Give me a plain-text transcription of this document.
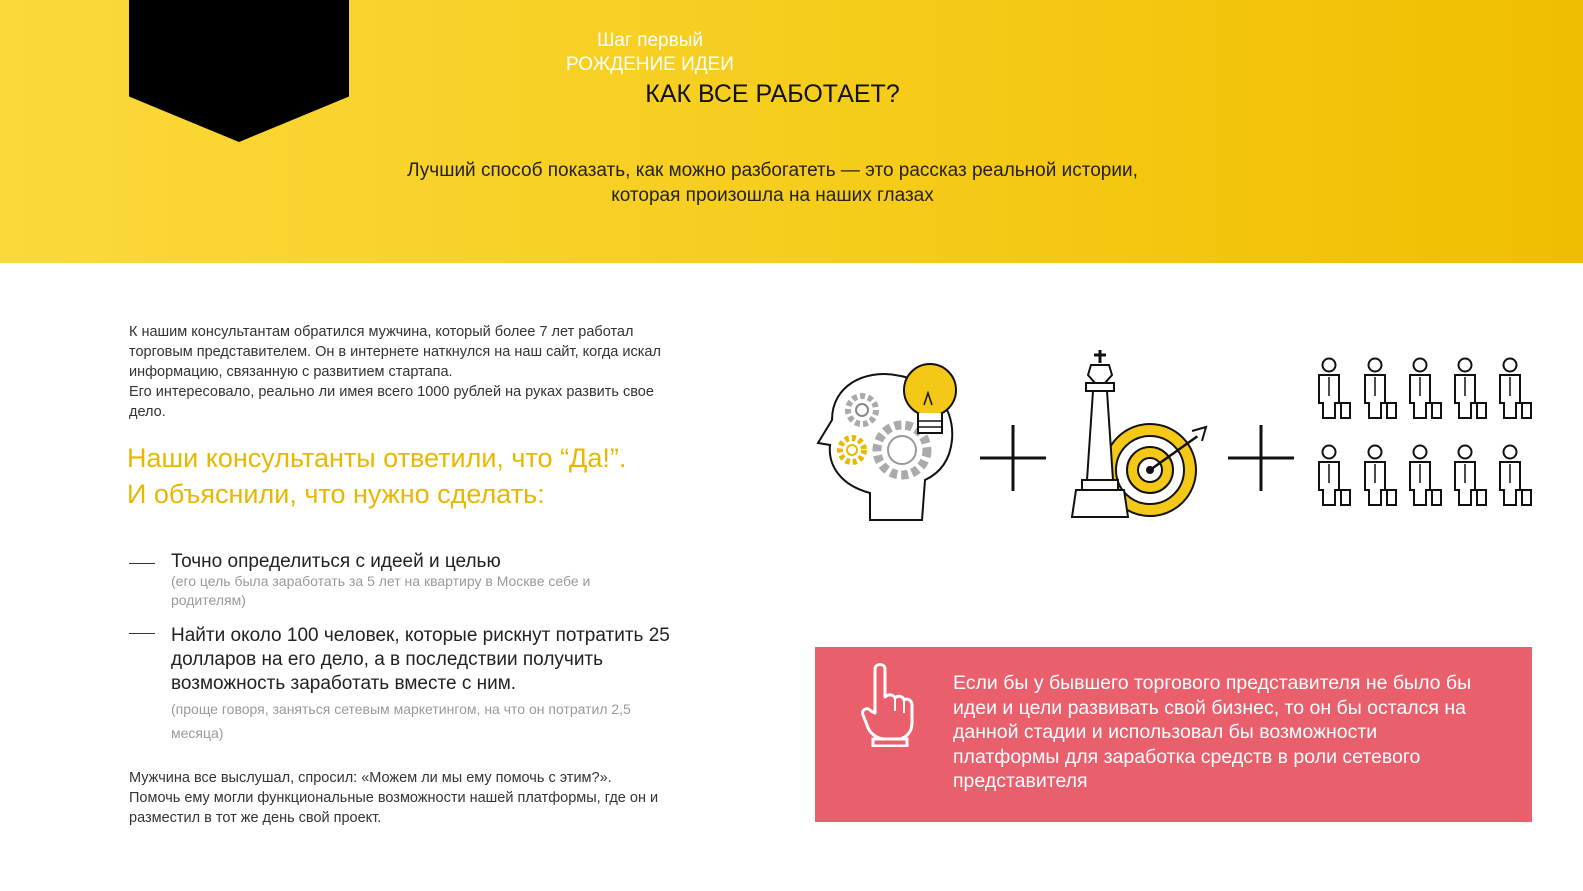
Шаг первый
РОЖДЕНИЕ ИДЕИ
КАК ВСЕ РАБОТАЕТ?
Лучший способ показать, как можно разбогатеть — это рассказ реальной истории,
которая произошла на наших глазах
К нашим консультантам обратился мужчина, который более 7 лет работал
торговым представителем. Он в интернете наткнулся на наш сайт, когда искал
информацию, связанную с развитием стартапа.
Его интересовало, реально ли имея всего 1000 рублей на руках развить свое
дело.
Наши консультанты ответили, что “Да!”.
И объяснили, что нужно сделать:
Точно определиться с идеей и целью
(его цель была заработать за 5 лет на квартиру в Москве себе и
родителям)
Найти около 100 человек, которые рискнут потратить 25
долларов на его дело, а в последствии получить
возможность заработать вместе с ним.
(проще говоря, заняться сетевым маркетингом, на что он потратил 2,5
месяца)
Мужчина все выслушал, спросил: «Можем ли мы ему помочь с этим?».
Помочь ему могли функциональные возможности нашей платформы, где он и
разместил в тот же день свой проект.
Если бы у бывшего торгового представителя не было бы
идеи и цели развивать свой бизнес, то он бы остался на
данной стадии и использовал бы возможности
платформы для заработка средств в роли сетевого
представителя
